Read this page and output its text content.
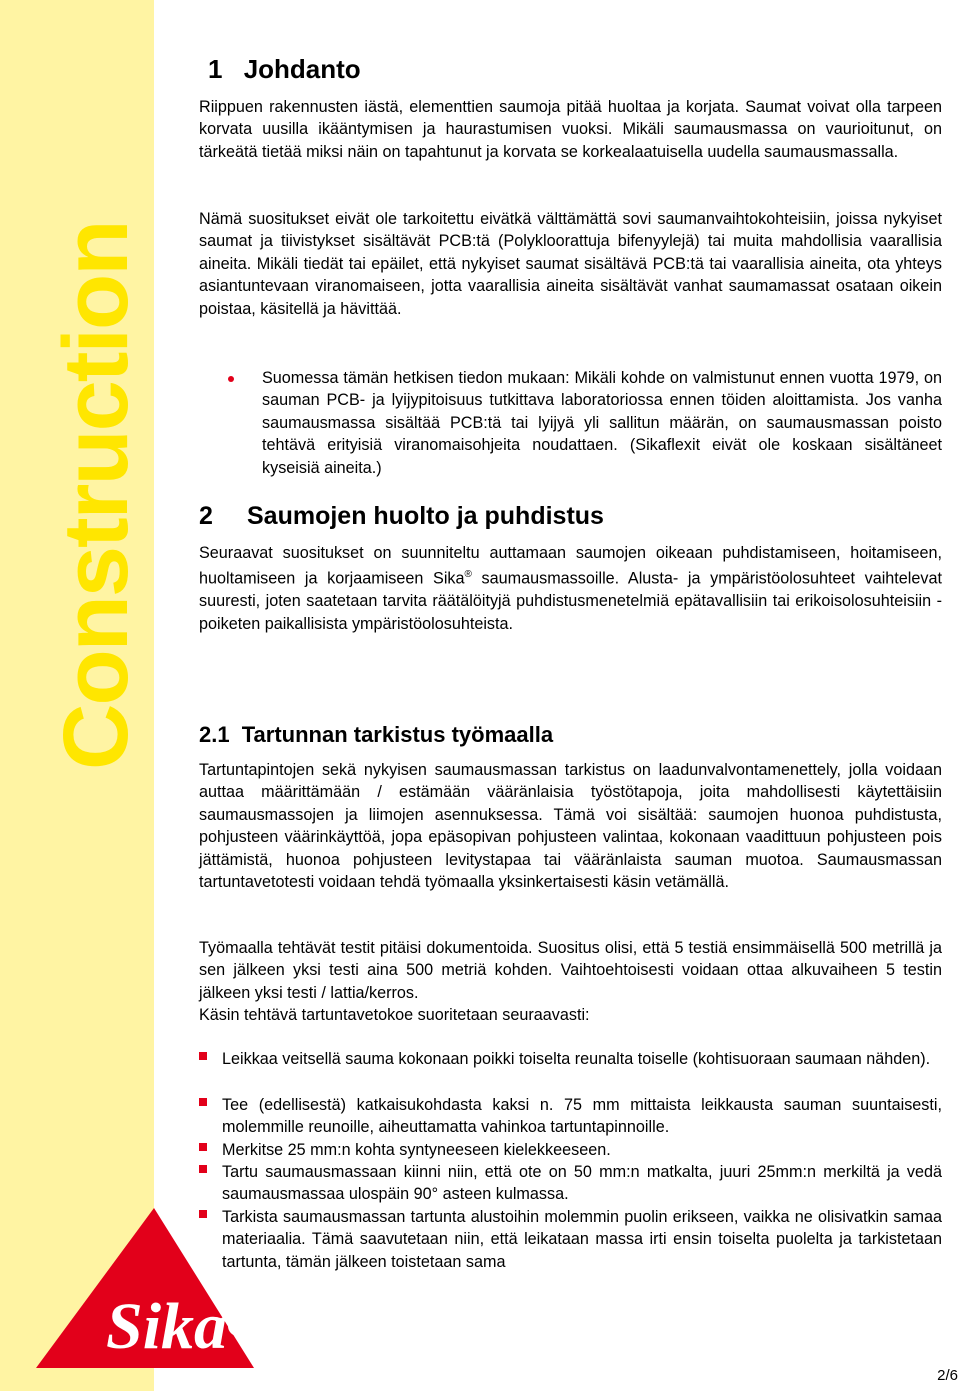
Construction
Sika R
1 Johdanto
Riippuen rakennusten iästä, elementtien saumoja pitää huoltaa ja korjata. Saumat voivat olla tarpeen korvata uusilla ikääntymisen ja haurastumisen vuoksi. Mikäli saumausmassa on vaurioitunut, on tärkeätä tietää miksi näin on tapahtunut ja korvata se korkealaatuisella uudella saumausmassalla.
Nämä suositukset eivät ole tarkoitettu eivätkä välttämättä sovi saumanvaihtokohteisiin, joissa nykyiset saumat ja tiivistykset sisältävät PCB:tä (Polykloorattuja bifenyylejä) tai muita mahdollisia vaarallisia aineita. Mikäli tiedät tai epäilet, että nykyiset saumat sisältävä PCB:tä tai vaarallisia aineita, ota yhteys asiantuntevaan viranomaiseen, jotta vaarallisia aineita sisältävät vanhat saumamassat osataan oikein poistaa, käsitellä ja hävittää.
Suomessa tämän hetkisen tiedon mukaan: Mikäli kohde on valmistunut ennen vuotta 1979, on sauman PCB- ja lyijypitoisuus tutkittava laboratoriossa ennen töiden aloittamista. Jos vanha saumausmassa sisältää PCB:tä tai lyijyä yli sallitun määrän, on saumausmassan poisto tehtävä erityisiä viranomaisohjeita noudattaen. (Sikaflexit eivät ole koskaan sisältäneet kyseisiä aineita.)
2 Saumojen huolto ja puhdistus
Seuraavat suositukset on suunniteltu auttamaan saumojen oikeaan puhdistamiseen, hoitamiseen, huoltamiseen ja korjaamiseen Sika® saumausmassoille. Alusta- ja ympäristöolosuhteet vaihtelevat suuresti, joten saatetaan tarvita räätälöityjä puhdistusmenetelmiä epätavallisiin tai erikoisolosuhteisiin - poiketen paikallisista ympäristöolosuhteista.
2.1 Tartunnan tarkistus työmaalla
Tartuntapintojen sekä nykyisen saumausmassan tarkistus on laadunvalvontamenettely, jolla voidaan auttaa määrittämään / estämään vääränlaisia työstötapoja, joita mahdollisesti käytettäisiin saumausmassojen ja liimojen asennuksessa. Tämä voi sisältää: saumojen huonoa puhdistusta, pohjusteen väärinkäyttöä, jopa epäsopivan pohjusteen valintaa, kokonaan vaadittuun pohjusteen pois jättämistä, huonoa pohjusteen levitystapaa tai vääränlaista sauman muotoa. Saumausmassan tartuntavetotesti voidaan tehdä työmaalla yksinkertaisesti käsin vetämällä.
Työmaalla tehtävät testit pitäisi dokumentoida. Suositus olisi, että 5 testiä ensimmäisellä 500 metrillä ja sen jälkeen yksi testi aina 500 metriä kohden. Vaihtoehtoisesti voidaan ottaa alkuvaiheen 5 testin jälkeen yksi testi / lattia/kerros.
Käsin tehtävä tartuntavetokoe suoritetaan seuraavasti:
Leikkaa veitsellä sauma kokonaan poikki toiselta reunalta toiselle (kohtisuoraan saumaan nähden).
Tee (edellisestä) katkaisukohdasta kaksi n. 75 mm mittaista leikkausta sauman suuntaisesti, molemmille reunoille, aiheuttamatta vahinkoa tartuntapinnoille.
Merkitse 25 mm:n kohta syntyneeseen kielekkeeseen.
Tartu saumausmassaan kiinni niin, että ote on 50 mm:n matkalta, juuri 25mm:n merkiltä ja vedä saumausmassaa ulospäin 90° asteen kulmassa.
Tarkista saumausmassan tartunta alustoihin molemmin puolin erikseen, vaikka ne olisivatkin samaa materiaalia. Tämä saavutetaan niin, että leikataan massa irti ensin toiselta puolelta ja tarkistetaan tartunta, tämän jälkeen toistetaan sama
2/6
